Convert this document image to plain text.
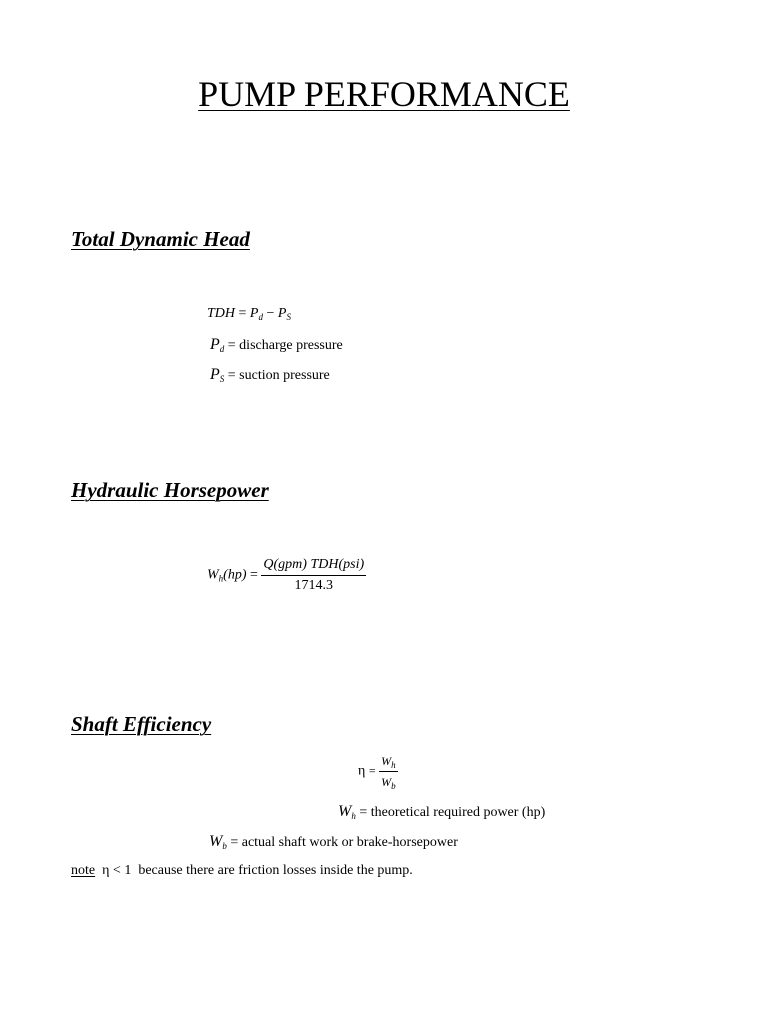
PUMP PERFORMANCE
Total Dynamic Head
TDH = $P_d - P_S$
$P_d$ = discharge pressure
$P_S$ = suction pressure
Hydraulic Horsepower
$W_h(hp) = \frac{\text{Q(gpm) TDH(psi)}}{1714.3}$
Shaft Efficiency
$\eta = \frac{W_h}{W_b}$
$W_h$ = theoretical required power (hp)
$W_b$ = actual shaft work or brake-horsepower
note η < 1 because there are friction losses inside the pump.
